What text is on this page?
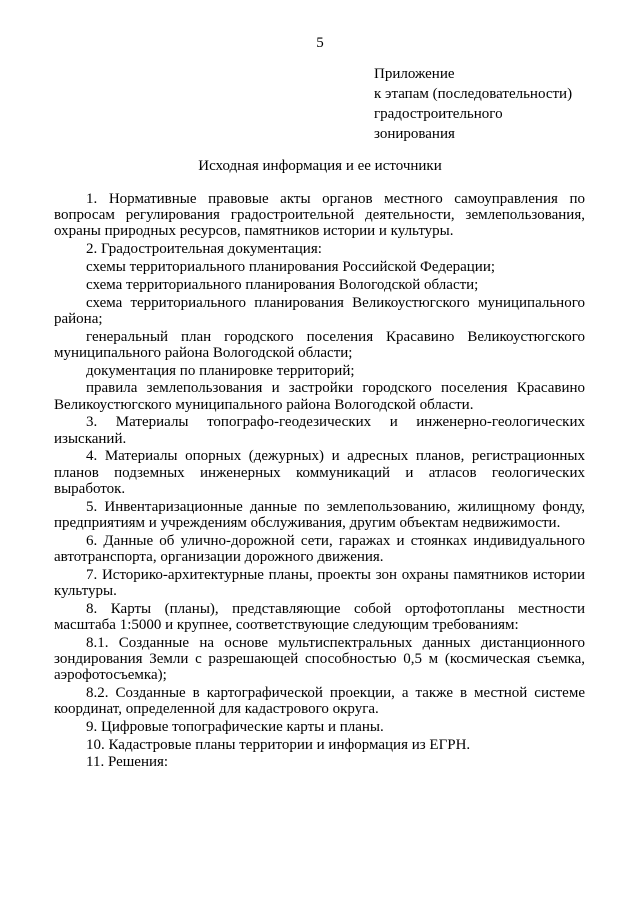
5
Приложение
к этапам (последовательности)
градостроительного
зонирования
Исходная информация и ее источники

1. Нормативные правовые акты органов местного самоуправления по вопросам регулирования градостроительной деятельности, землепользования, охраны природных ресурсов, памятников истории и культуры.

2. Градостроительная документация:

схемы территориального планирования Российской Федерации;

схема территориального планирования Вологодской области;

схема территориального планирования Великоустюгского муниципального района;

генеральный план городского поселения Красавино Великоустюгского муниципального района Вологодской области;

документация по планировке территорий;

правила землепользования и застройки городского поселения Красавино Великоустюгского муниципального района Вологодской области.

3. Материалы топографо-геодезических и инженерно-геологических изысканий.

4. Материалы опорных (дежурных) и адресных планов, регистрационных планов подземных инженерных коммуникаций и атласов геологических выработок.

5. Инвентаризационные данные по землепользованию, жилищному фонду, предприятиям и учреждениям обслуживания, другим объектам недвижимости.

6. Данные об улично-дорожной сети, гаражах и стоянках индивидуального автотранспорта, организации дорожного движения.

7. Историко-архитектурные планы, проекты зон охраны памятников истории культуры.

8. Карты (планы), представляющие собой ортофотопланы местности масштаба 1:5000 и крупнее, соответствующие следующим требованиям:

8.1. Созданные на основе мультиспектральных данных дистанционного зондирования Земли с разрешающей способностью 0,5 м (космическая съемка, аэрофотосъемка);

8.2. Созданные в картографической проекции, а также в местной системе координат, определенной для кадастрового округа.

9. Цифровые топографические карты и планы.

10. Кадастровые планы территории и информация из ЕГРН.

11. Решения:
